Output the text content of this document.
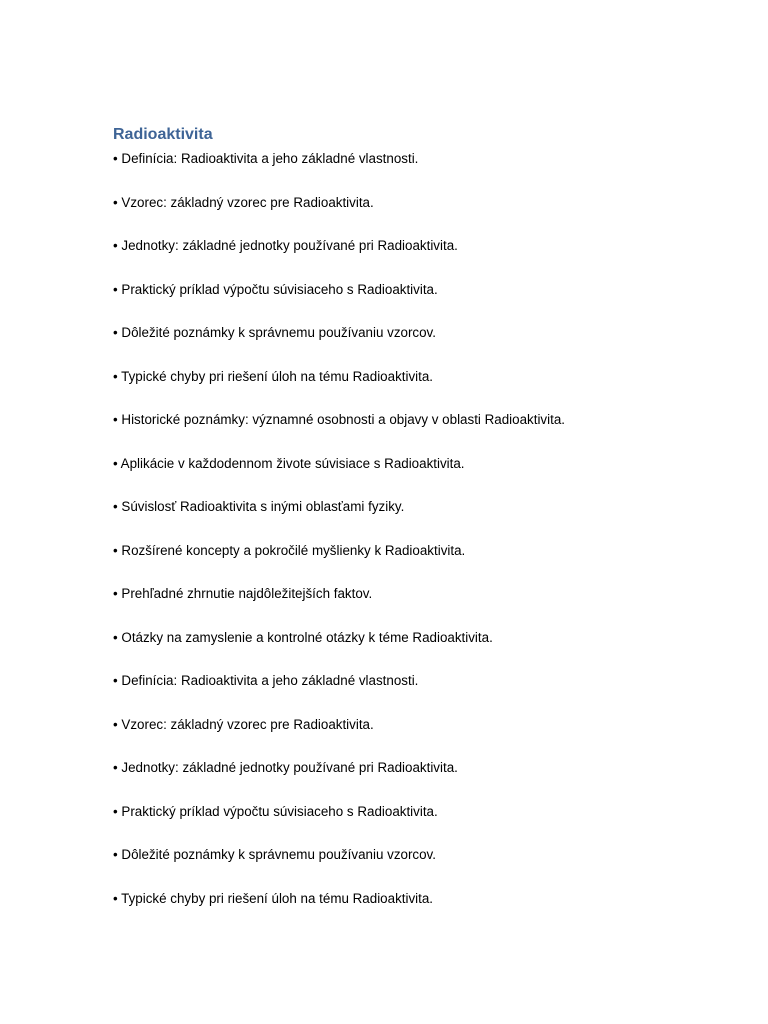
Radioaktivita
• Definícia: Radioaktivita a jeho základné vlastnosti.
• Vzorec: základný vzorec pre Radioaktivita.
• Jednotky: základné jednotky používané pri Radioaktivita.
• Praktický príklad výpočtu súvisiaceho s Radioaktivita.
• Dôležité poznámky k správnemu používaniu vzorcov.
• Typické chyby pri riešení úloh na tému Radioaktivita.
• Historické poznámky: významné osobnosti a objavy v oblasti Radioaktivita.
• Aplikácie v každodennom živote súvisiace s Radioaktivita.
• Súvislosť Radioaktivita s inými oblasťami fyziky.
• Rozšírené koncepty a pokročilé myšlienky k Radioaktivita.
• Prehľadné zhrnutie najdôležitejších faktov.
• Otázky na zamyslenie a kontrolné otázky k téme Radioaktivita.
• Definícia: Radioaktivita a jeho základné vlastnosti.
• Vzorec: základný vzorec pre Radioaktivita.
• Jednotky: základné jednotky používané pri Radioaktivita.
• Praktický príklad výpočtu súvisiaceho s Radioaktivita.
• Dôležité poznámky k správnemu používaniu vzorcov.
• Typické chyby pri riešení úloh na tému Radioaktivita.
